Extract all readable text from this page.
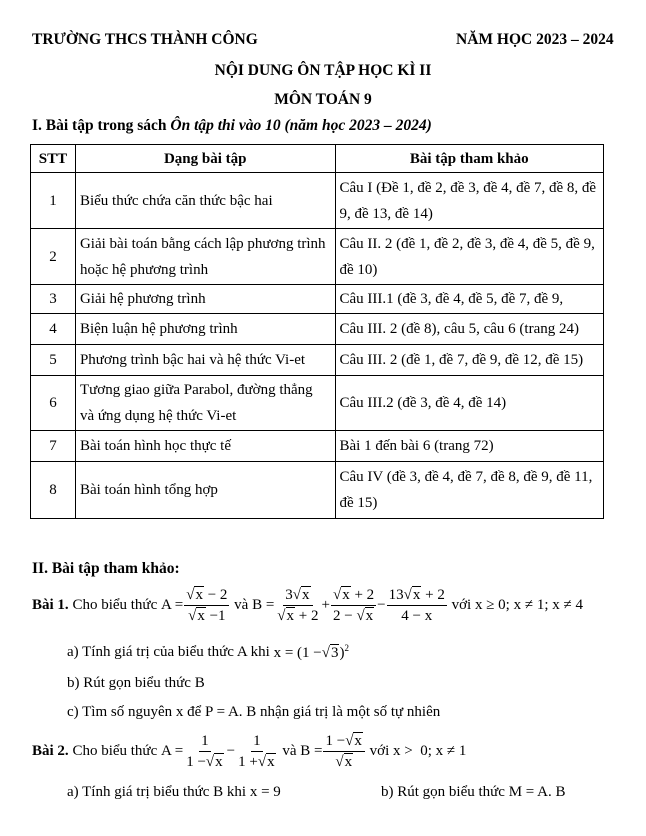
TRƯỜNG THCS THÀNH CÔNG	NĂM HỌC 2023 – 2024
NỘI DUNG ÔN TẬP HỌC KÌ II
MÔN TOÁN 9
I. Bài tập trong sách Ôn tập thi vào 10 (năm học 2023 – 2024)
STT	Dạng bài tập	Bài tập tham khảo
1	Biểu thức chứa căn thức bậc hai	Câu I (Đề 1, đề 2, đề 3, đề 4, đề 7, đề 8, đề 9, đề 13, đề 14)
2	Giải bài toán bằng cách lập phương trình hoặc hệ phương trình	Câu II. 2 (đề 1, đề 2, đề 3, đề 4, đề 5, đề 9, đề 10)
3	Giải hệ phương trình	Câu III.1 (đề 3, đề 4, đề 5, đề 7, đề 9,
4	Biện luận hệ phương trình	Câu III. 2 (đề 8), câu 5, câu 6 (trang 24)
5	Phương trình bậc hai và hệ thức Vi-et	Câu III. 2 (đề 1, đề 7, đề 9, đề 12, đề 15)
6	Tương giao giữa Parabol, đường thẳng và ứng dụng hệ thức Vi-et	Câu III.2 (đề 3, đề 4, đề 14)
7	Bài toán hình học thực tế	Bài 1 đến bài 6 (trang 72)
8	Bài toán hình tổng hợp	Câu IV (đề 3, đề 4, đề 7, đề 8, đề 9, đề 11, đề 15)
II. Bài tập tham khảo:
Bài 1. Cho biểu thức $A = \frac{√x - 2}{√x -1}$ và $B = \frac{3√x}{√x + 2} + \frac{√x + 2}{2 - √x} - \frac{13√x + 2}{4 - x}$ với x ≥ 0; x ≠ 1; x ≠ 4
a) Tính giá trị của biểu thức A khi $x = (1 -√3)^2$
b) Rút gọn biểu thức B
c) Tìm số nguyên x để P = A. B nhận giá trị là một số tự nhiên
Bài 2. Cho biểu thức $A = \frac{1}{1 -√x} - \frac{1}{1 +√x}$ và $B = \frac{1 -√x}{√x}$ với x >  0; x ≠ 1
a) Tính giá trị biểu thức B khi x = 9	b) Rút gọn biểu thức M = A. B
